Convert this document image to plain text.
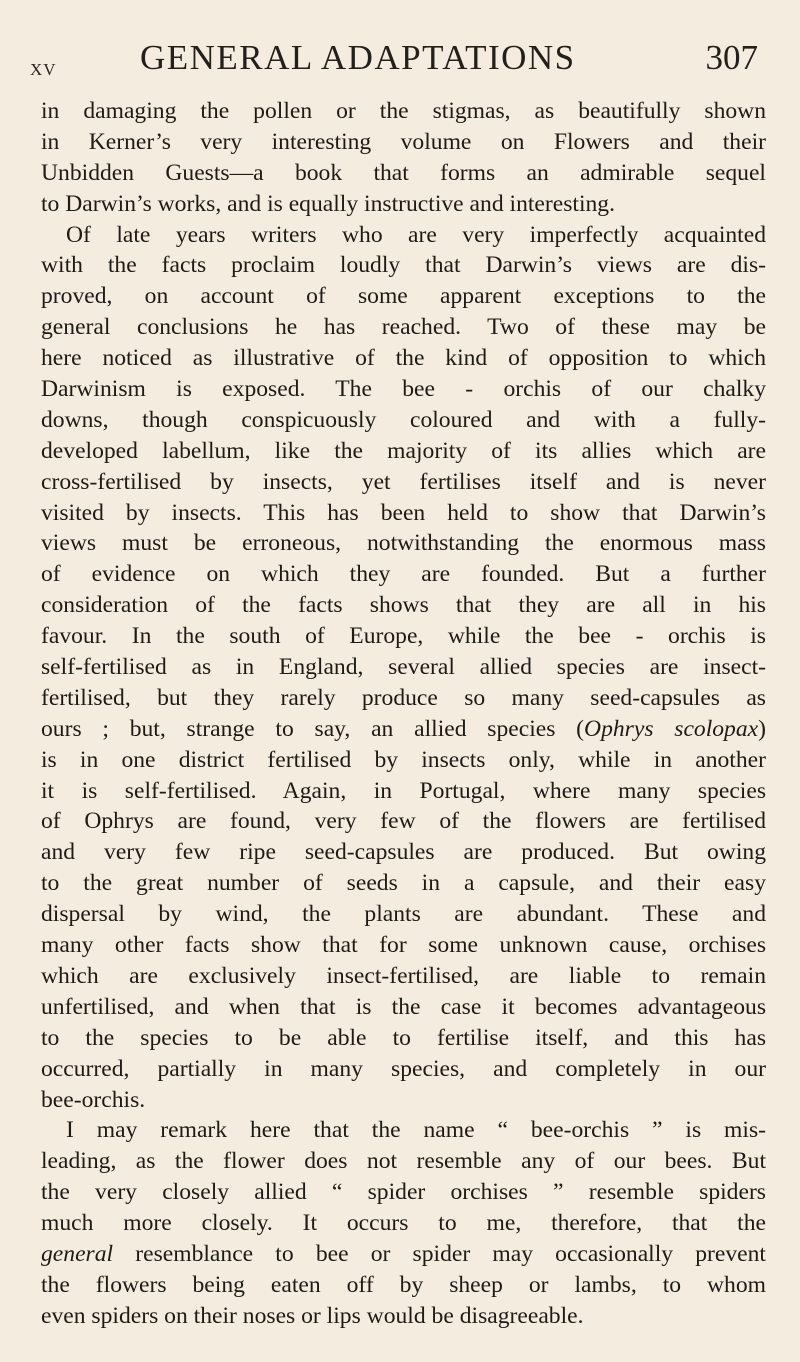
XV GENERAL ADAPTATIONS	307
in damaging the pollen or the stigmas, as beautifully shown
in Kerner’s very interesting volume on Flowers and their
Unbidden Guests—a book that forms an admirable sequel
to Darwin’s works, and is equally instructive and interesting.
Of late years writers who are very imperfectly acquainted
with the facts proclaim loudly that Darwin’s views are dis-
proved, on account of some apparent exceptions to the
general conclusions he has reached. Two of these may be
here noticed as illustrative of the kind of opposition to which
Darwinism is exposed. The bee - orchis of our chalky
downs, though conspicuously coloured and with a fully-
developed labellum, like the majority of its allies which are
cross-fertilised by insects, yet fertilises itself and is never
visited by insects. This has been held to show that Darwin’s
views must be erroneous, notwithstanding the enormous mass
of evidence on which they are founded. But a further
consideration of the facts shows that they are all in his
favour. In the south of Europe, while the bee - orchis is
self-fertilised as in England, several allied species are insect-
fertilised, but they rarely produce so many seed-capsules as
ours ; but, strange to say, an allied species (Ophrys scolopax)
is in one district fertilised by insects only, while in another
it is self-fertilised. Again, in Portugal, where many species
of Ophrys are found, very few of the flowers are fertilised
and very few ripe seed-capsules are produced. But owing
to the great number of seeds in a capsule, and their easy
dispersal by wind, the plants are abundant. These and
many other facts show that for some unknown cause, orchises
which are exclusively insect-fertilised, are liable to remain
unfertilised, and when that is the case it becomes advantageous
to the species to be able to fertilise itself, and this has
occurred, partially in many species, and completely in our
bee-orchis.
I may remark here that the name “ bee-orchis ” is mis-
leading, as the flower does not resemble any of our bees. But
the very closely allied “ spider orchises ” resemble spiders
much more closely. It occurs to me, therefore, that the
general resemblance to bee or spider may occasionally prevent
the flowers being eaten off by sheep or lambs, to whom
even spiders on their noses or lips would be disagreeable.
